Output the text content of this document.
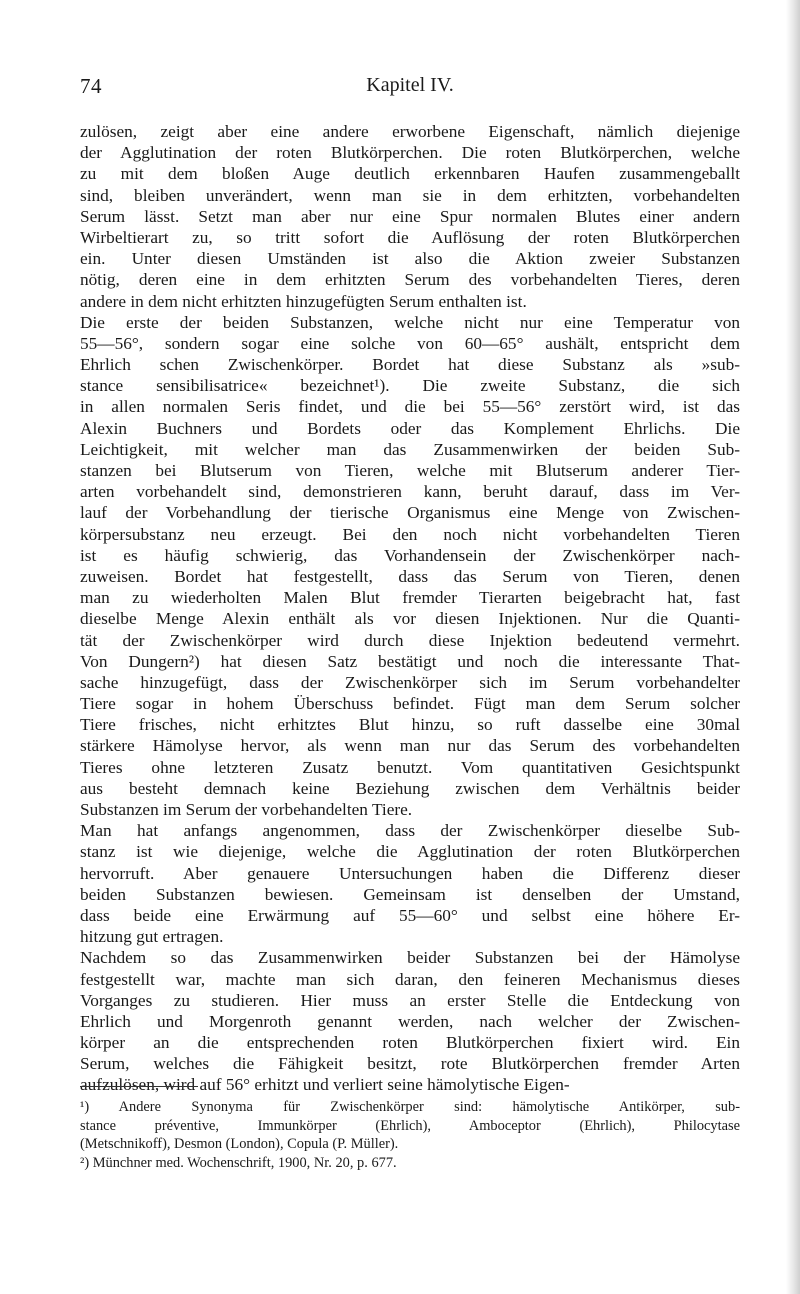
74	Kapitel IV.
zulösen, zeigt aber eine andere erworbene Eigenschaft, nämlich diejenige
der Agglutination der roten Blutkörperchen. Die roten Blutkörperchen, welche
zu mit dem bloßen Auge deutlich erkennbaren Haufen zusammengeballt
sind, bleiben unverändert, wenn man sie in dem erhitzten, vorbehandelten
Serum lässt. Setzt man aber nur eine Spur normalen Blutes einer andern
Wirbeltierart zu, so tritt sofort die Auflösung der roten Blutkörperchen
ein. Unter diesen Umständen ist also die Aktion zweier Substanzen
nötig, deren eine in dem erhitzten Serum des vorbehandelten Tieres, deren
andere in dem nicht erhitzten hinzugefügten Serum enthalten ist.
Die erste der beiden Substanzen, welche nicht nur eine Temperatur von
55—56°, sondern sogar eine solche von 60—65° aushält, entspricht dem
Ehrlich schen Zwischenkörper. Bordet hat diese Substanz als »sub-
stance sensibilisatrice« bezeichnet¹). Die zweite Substanz, die sich
in allen normalen Seris findet, und die bei 55—56° zerstört wird, ist das
Alexin Buchners und Bordets oder das Komplement Ehrlichs. Die
Leichtigkeit, mit welcher man das Zusammenwirken der beiden Sub-
stanzen bei Blutserum von Tieren, welche mit Blutserum anderer Tier-
arten vorbehandelt sind, demonstrieren kann, beruht darauf, dass im Ver-
lauf der Vorbehandlung der tierische Organismus eine Menge von Zwischen-
körpersubstanz neu erzeugt. Bei den noch nicht vorbehandelten Tieren
ist es häufig schwierig, das Vorhandensein der Zwischenkörper nach-
zuweisen. Bordet hat festgestellt, dass das Serum von Tieren, denen
man zu wiederholten Malen Blut fremder Tierarten beigebracht hat, fast
dieselbe Menge Alexin enthält als vor diesen Injektionen. Nur die Quanti-
tät der Zwischenkörper wird durch diese Injektion bedeutend vermehrt.
Von Dungern²) hat diesen Satz bestätigt und noch die interessante That-
sache hinzugefügt, dass der Zwischenkörper sich im Serum vorbehandelter
Tiere sogar in hohem Überschuss befindet. Fügt man dem Serum solcher
Tiere frisches, nicht erhitztes Blut hinzu, so ruft dasselbe eine 30mal
stärkere Hämolyse hervor, als wenn man nur das Serum des vorbehandelten
Tieres ohne letzteren Zusatz benutzt. Vom quantitativen Gesichtspunkt
aus besteht demnach keine Beziehung zwischen dem Verhältnis beider
Substanzen im Serum der vorbehandelten Tiere.
Man hat anfangs angenommen, dass der Zwischenkörper dieselbe Sub-
stanz ist wie diejenige, welche die Agglutination der roten Blutkörperchen
hervorruft. Aber genauere Untersuchungen haben die Differenz dieser
beiden Substanzen bewiesen. Gemeinsam ist denselben der Umstand,
dass beide eine Erwärmung auf 55—60° und selbst eine höhere Er-
hitzung gut ertragen.
Nachdem so das Zusammenwirken beider Substanzen bei der Hämolyse
festgestellt war, machte man sich daran, den feineren Mechanismus dieses
Vorganges zu studieren. Hier muss an erster Stelle die Entdeckung von
Ehrlich und Morgenroth genannt werden, nach welcher der Zwischen-
körper an die entsprechenden roten Blutkörperchen fixiert wird. Ein
Serum, welches die Fähigkeit besitzt, rote Blutkörperchen fremder Arten
aufzulösen, wird auf 56° erhitzt und verliert seine hämolytische Eigen-
¹) Andere Synonyma für Zwischenkörper sind: hämolytische Antikörper, sub-
stance préventive, Immunkörper (Ehrlich), Amboceptor (Ehrlich), Philocytase
(Metschnikoff), Desmon (London), Copula (P. Müller).
²) Münchner med. Wochenschrift, 1900, Nr. 20, p. 677.
